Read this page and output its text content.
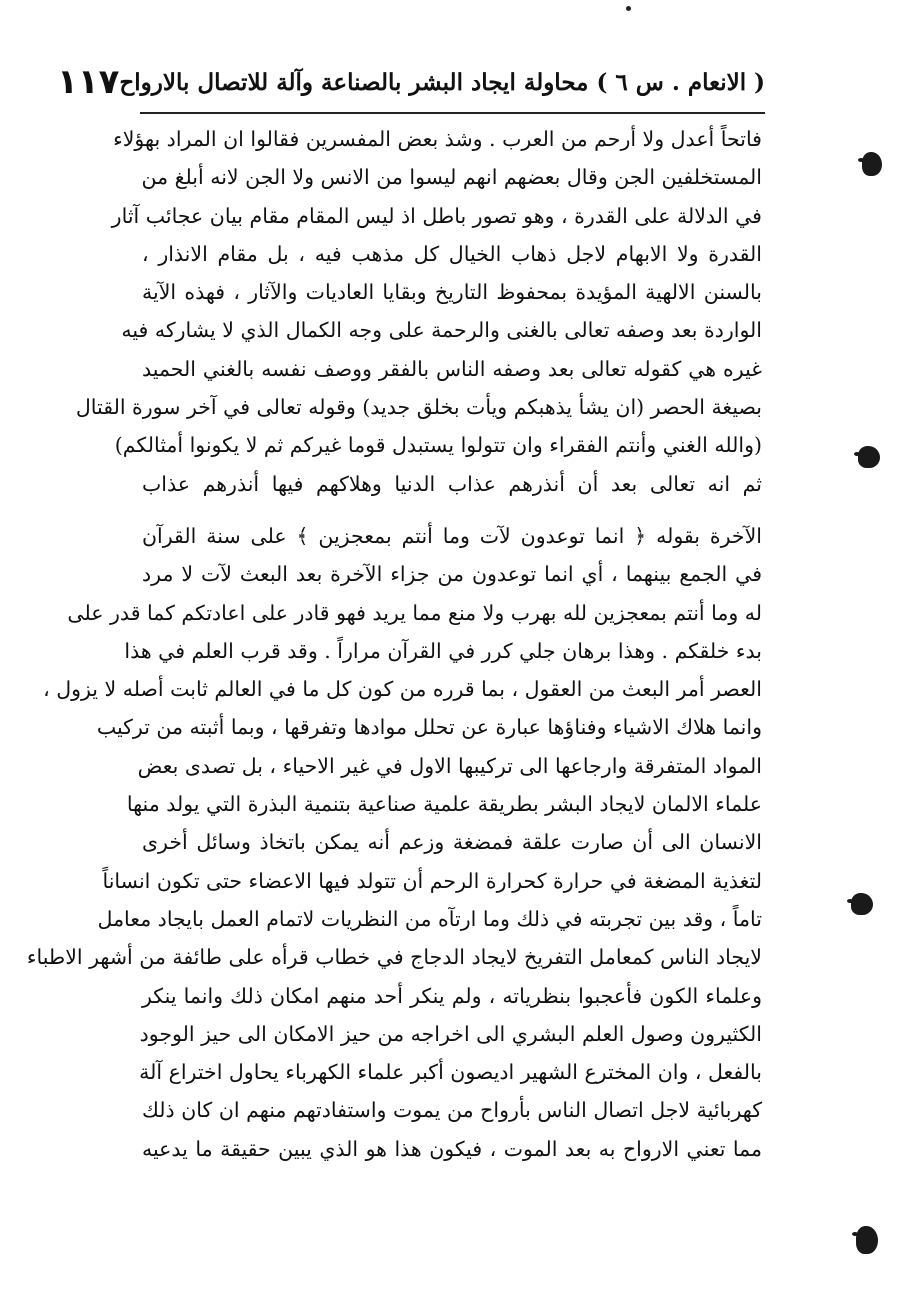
( الانعام . س ٦ ) محاولة ايجاد البشر بالصناعة وآلة للاتصال بالارواح
١١٧
فاتحاً أعدل ولا أرحم من العرب . وشذ بعض المفسرين فقالوا ان المراد بهؤلاء
المستخلفين الجن وقال بعضهم انهم ليسوا من الانس ولا الجن لانه أبلغ من
في الدلالة على القدرة ، وهو تصور باطل اذ ليس المقام مقام بيان عجائب آثار
القدرة ولا الابهام لاجل ذهاب الخيال كل مذهب فيه ، بل مقام الانذار ،
بالسنن الالهية المؤيدة بمحفوظ التاريخ وبقايا العاديات والآثار ، فهذه الآية
الواردة بعد وصفه تعالى بالغنى والرحمة على وجه الكمال الذي لا يشاركه فيه
غيره هي كقوله تعالى بعد وصفه الناس بالفقر ووصف نفسه بالغني الحميد
بصيغة الحصر (ان يشأ يذهبكم ويأت بخلق جديد) وقوله تعالى في آخر سورة القتال
(والله الغني وأنتم الفقراء وان تتولوا يستبدل قوما غيركم ثم لا يكونوا أمثالكم)
ثم انه تعالى بعد أن أنذرهم عذاب الدنيا وهلاكهم فيها أنذرهم عذاب
الآخرة بقوله ﴿ انما توعدون لآت وما أنتم بمعجزين ﴾ على سنة القرآن
في الجمع بينهما ، أي انما توعدون من جزاء الآخرة بعد البعث لآت لا مرد
له وما أنتم بمعجزين لله بهرب ولا منع مما يريد فهو قادر على اعادتكم كما قدر على
بدء خلقكم . وهذا برهان جلي كرر في القرآن مراراً . وقد قرب العلم في هذا
العصر أمر البعث من العقول ، بما قرره من كون كل ما في العالم ثابت أصله لا يزول ،
وانما هلاك الاشياء وفناؤها عبارة عن تحلل موادها وتفرقها ، وبما أثبته من تركيب
المواد المتفرقة وارجاعها الى تركيبها الاول في غير الاحياء ، بل تصدى بعض
علماء الالمان لايجاد البشر بطريقة علمية صناعية بتنمية البذرة التي يولد منها
الانسان الى أن صارت علقة فمضغة وزعم أنه يمكن باتخاذ وسائل أخرى
لتغذية المضغة في حرارة كحرارة الرحم أن تتولد فيها الاعضاء حتى تكون انساناً
تاماً ، وقد بين تجربته في ذلك وما ارتآه من النظريات لاتمام العمل بايجاد معامل
لايجاد الناس كمعامل التفريخ لايجاد الدجاج في خطاب قرأه على طائفة من أشهر الاطباء
وعلماء الكون فأعجبوا بنظرياته ، ولم ينكر أحد منهم امكان ذلك وانما ينكر
الكثيرون وصول العلم البشري الى اخراجه من حيز الامكان الى حيز الوجود
بالفعل ، وان المخترع الشهير اديصون أكبر علماء الكهرباء يحاول اختراع آلة
كهربائية لاجل اتصال الناس بأرواح من يموت واستفادتهم منهم ان كان ذلك
مما تعني الارواح به بعد الموت ، فيكون هذا هو الذي يبين حقيقة ما يدعيه
